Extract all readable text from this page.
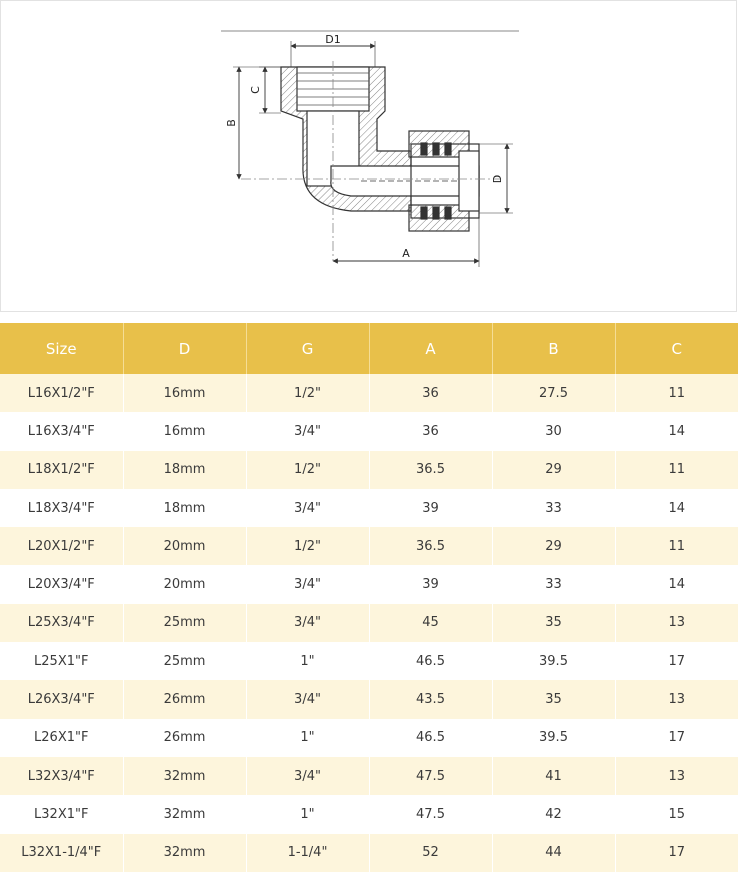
D1
C
B
D
A
Size	D	G	A	B	C
L16X1/2"F	16mm	1/2"	36	27.5	11
L16X3/4"F	16mm	3/4"	36	30	14
L18X1/2"F	18mm	1/2"	36.5	29	11
L18X3/4"F	18mm	3/4"	39	33	14
L20X1/2"F	20mm	1/2"	36.5	29	11
L20X3/4"F	20mm	3/4"	39	33	14
L25X3/4"F	25mm	3/4"	45	35	13
L25X1"F	25mm	1"	46.5	39.5	17
L26X3/4"F	26mm	3/4"	43.5	35	13
L26X1"F	26mm	1"	46.5	39.5	17
L32X3/4"F	32mm	3/4"	47.5	41	13
L32X1"F	32mm	1"	47.5	42	15
L32X1-1/4"F	32mm	1-1/4"	52	44	17
